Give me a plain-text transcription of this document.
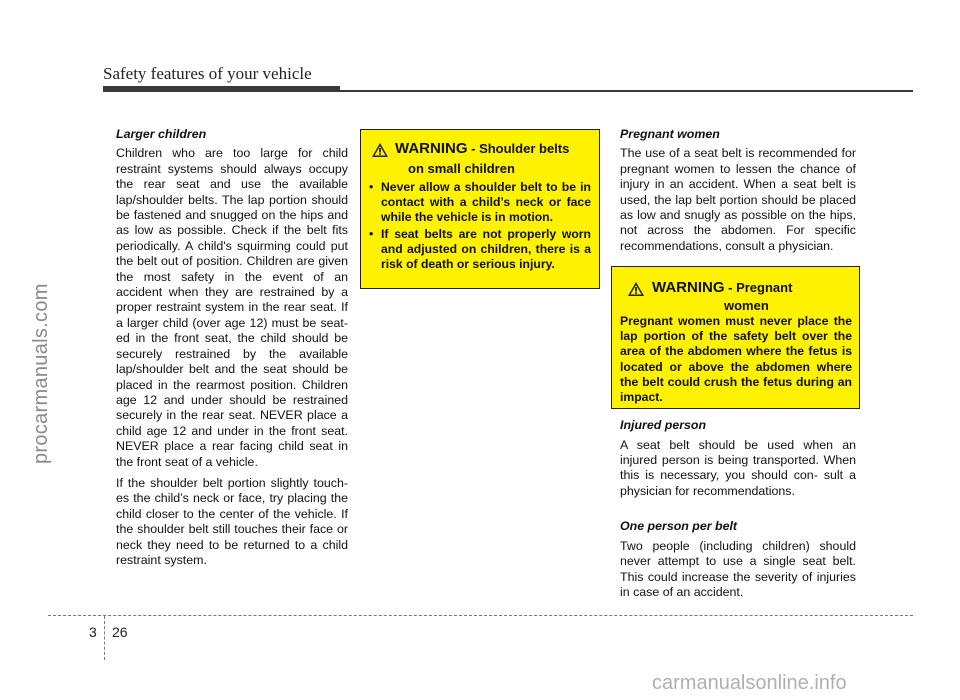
Safety features of your vehicle
procarmanuals.com
Larger children

Children who are too large for child restraint systems should always occupy the rear seat and use the available lap/shoulder belts. The lap portion should be fastened and snugged on the hips and as low as possible. Check if the belt fits periodically. A child's squirming could put the belt out of position. Children are given the most safety in the event of an accident when they are restrained by a proper restraint system in the rear seat. If a larger child (over age 12) must be seat- ed in the front seat, the child should be securely restrained by the available lap/shoulder belt and the seat should be placed in the rearmost position. Children age 12 and under should be restrained securely in the rear seat. NEVER place a child age 12 and under in the front seat. NEVER place a rear facing child seat in the front seat of a vehicle.

If the shoulder belt portion slightly touch- es the child’s neck or face, try placing the child closer to the center of the vehicle. If the shoulder belt still touches their face or neck they need to be returned to a child restraint system.

WARNING - Shoulder belts
on small children
• Never allow a shoulder belt to be in contact with a child’s neck or face while the vehicle is in motion.
• If seat belts are not properly worn and adjusted on children, there is a risk of death or serious injury.
Pregnant women

The use of a seat belt is recommended for pregnant women to lessen the chance of injury in an accident. When a seat belt is used, the lap belt portion should be placed as low and snugly as possible on the hips, not across the abdomen. For specific recommendations, consult a physician.

Injured person

A seat belt should be used when an injured person is being transported. When this is necessary, you should con- sult a physician for recommendations.

One person per belt

Two people (including children) should never attempt to use a single seat belt. This could increase the severity of injuries in case of an accident.

WARNING - Pregnant
women
Pregnant women must never place the lap portion of the safety belt over the area of the abdomen where the fetus is located or above the abdomen where the belt could crush the fetus during an impact.
3 26
carmanualsonline.info
